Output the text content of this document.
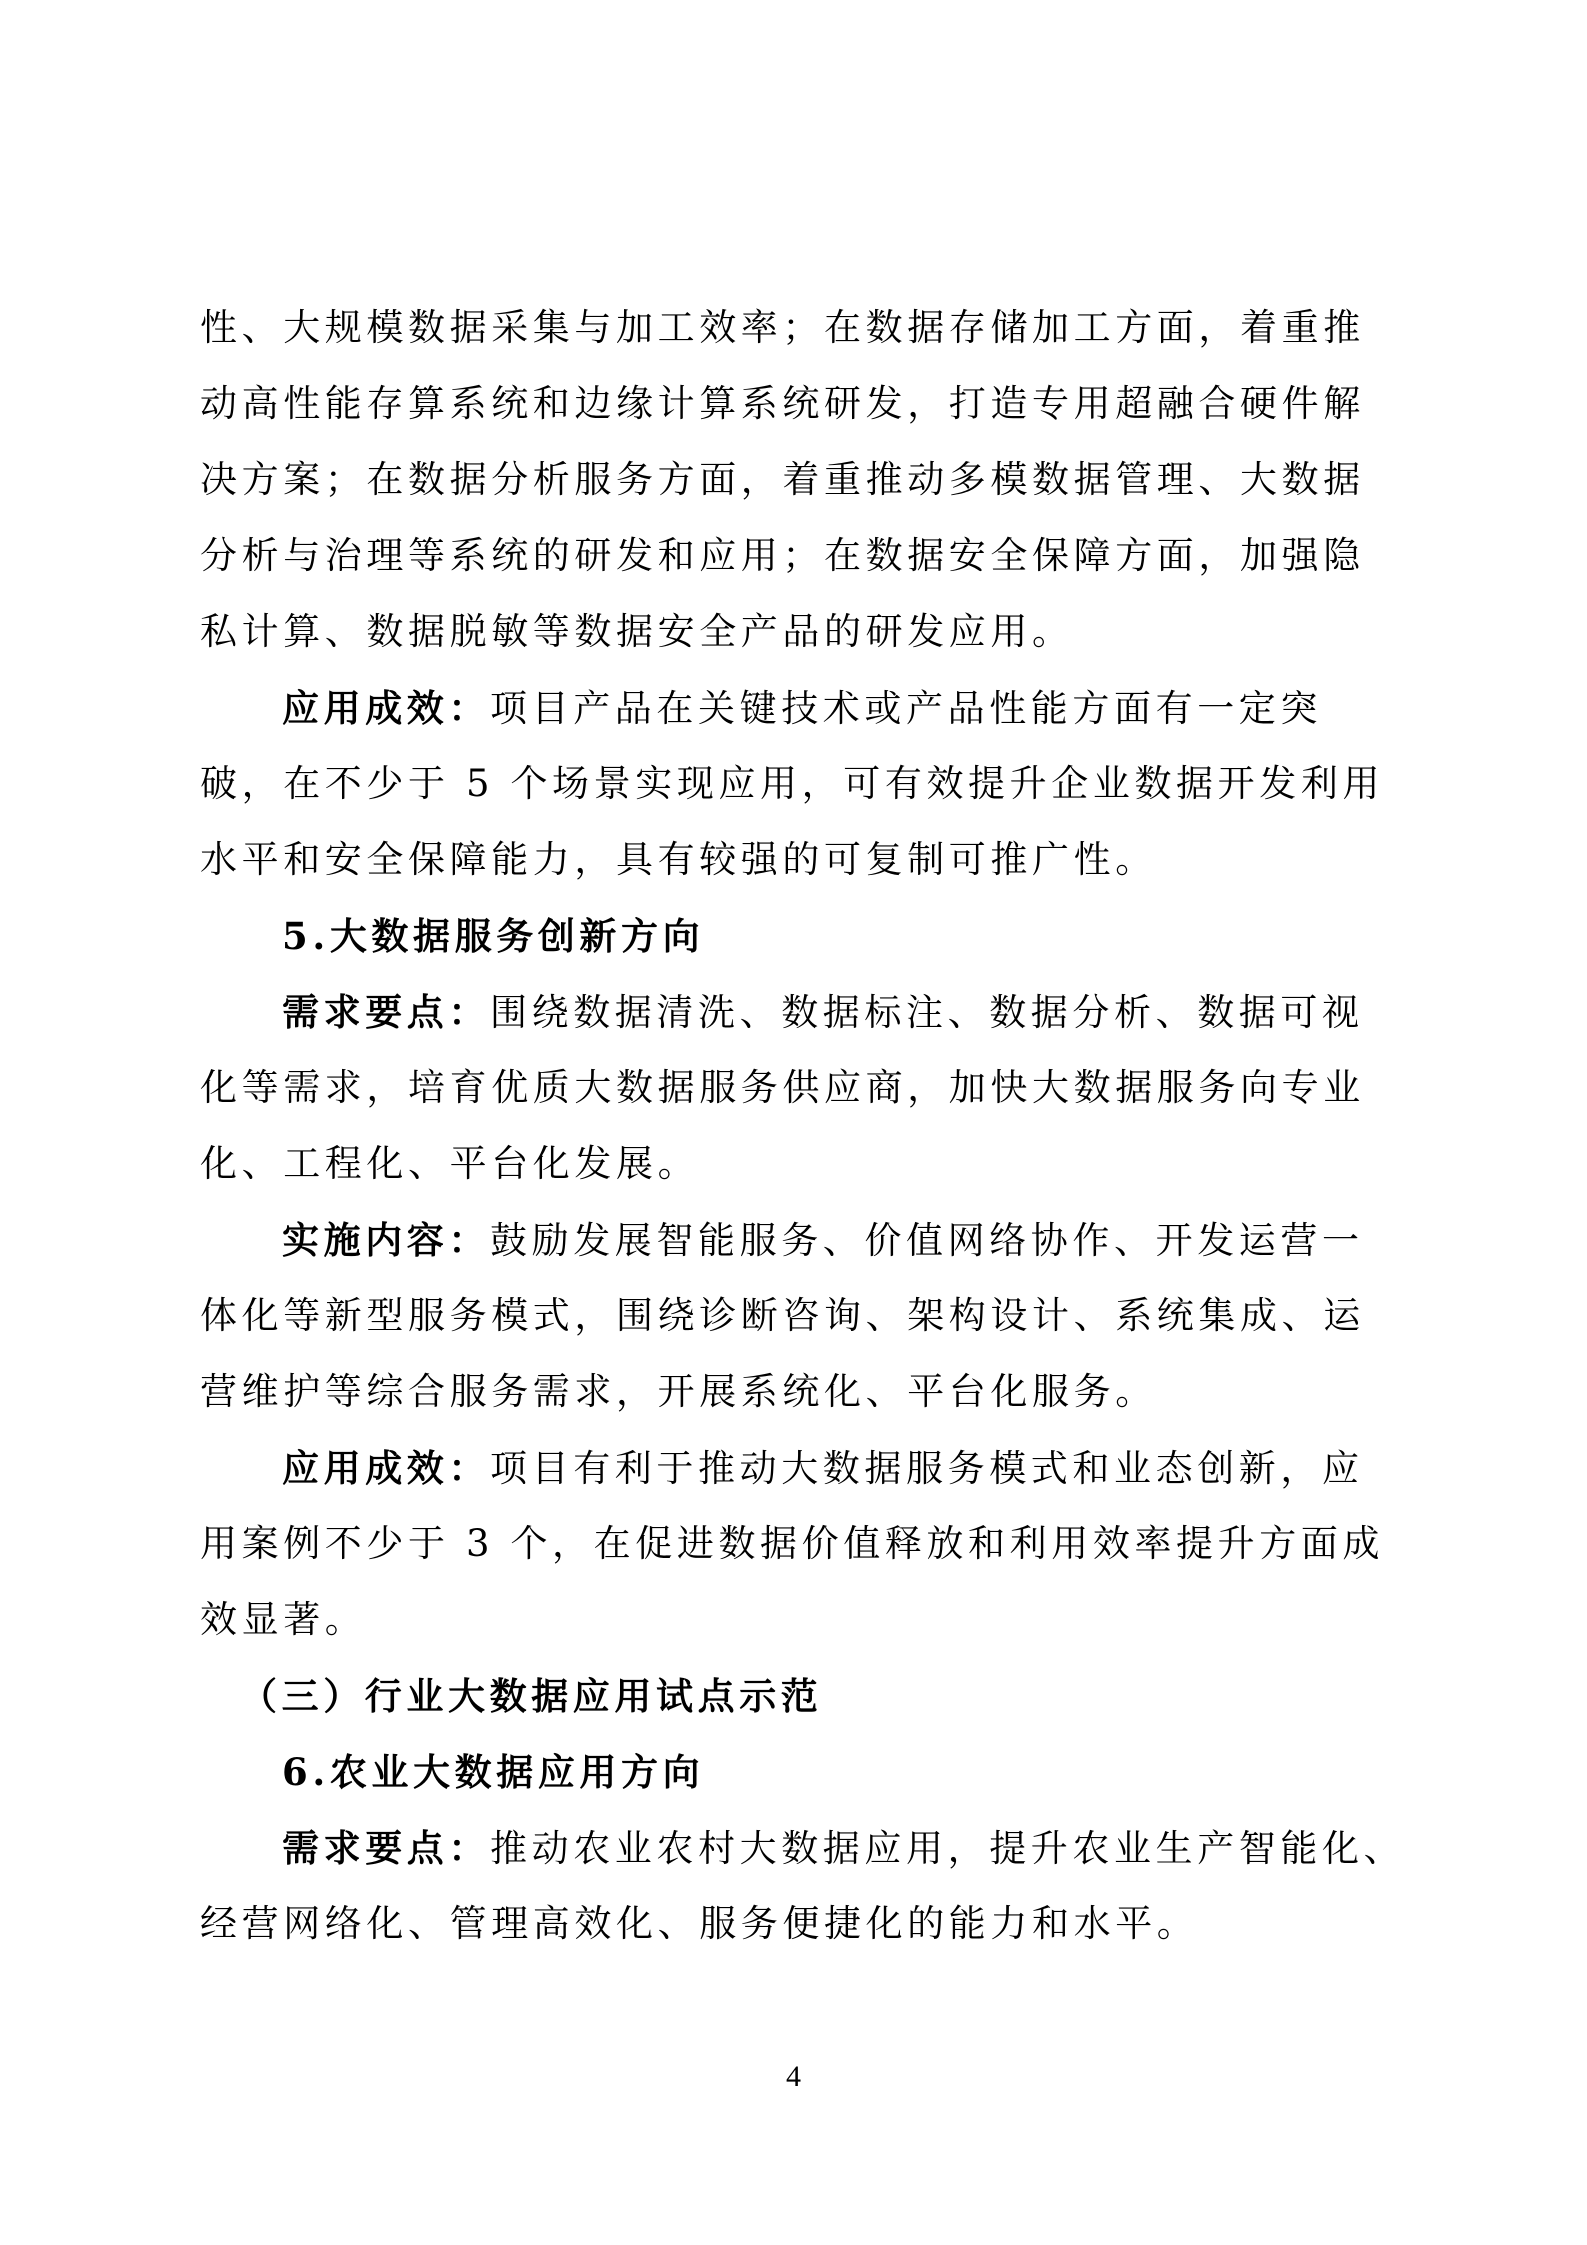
性、大规模数据采集与加工效率；在数据存储加工方面，着重推
动高性能存算系统和边缘计算系统研发，打造专用超融合硬件解
决方案；在数据分析服务方面，着重推动多模数据管理、大数据
分析与治理等系统的研发和应用；在数据安全保障方面，加强隐
私计算、数据脱敏等数据安全产品的研发应用。
应用成效：项目产品在关键技术或产品性能方面有一定突
破，在不少于 5 个场景实现应用，可有效提升企业数据开发利用
水平和安全保障能力，具有较强的可复制可推广性。
5.大数据服务创新方向
需求要点：围绕数据清洗、数据标注、数据分析、数据可视
化等需求，培育优质大数据服务供应商，加快大数据服务向专业
化、工程化、平台化发展。
实施内容：鼓励发展智能服务、价值网络协作、开发运营一
体化等新型服务模式，围绕诊断咨询、架构设计、系统集成、运
营维护等综合服务需求，开展系统化、平台化服务。
应用成效：项目有利于推动大数据服务模式和业态创新，应
用案例不少于 3 个，在促进数据价值释放和利用效率提升方面成
效显著。
（三）行业大数据应用试点示范
6.农业大数据应用方向
需求要点：推动农业农村大数据应用，提升农业生产智能化、
经营网络化、管理高效化、服务便捷化的能力和水平。
4
